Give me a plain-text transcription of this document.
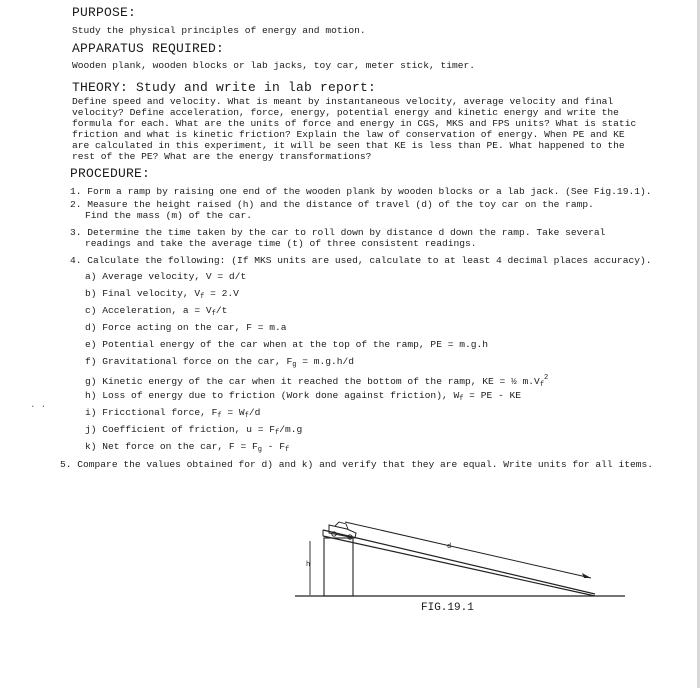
PURPOSE:
Study the physical principles of energy and motion.
APPARATUS REQUIRED:
Wooden plank, wooden blocks or lab jacks, toy car, meter stick, timer.
THEORY: Study and write in lab report:

Define speed and velocity. What is meant by instantaneous velocity, average velocity and final

velocity? Define acceleration, force, energy, potential energy and kinetic energy and write the

formula for each. What are the units of force and energy in CGS, MKS and FPS units? What is static

friction and what is kinetic friction? Explain the law of conservation of energy. When PE and KE

are calculated in this experiment, it will be seen that KE is less than PE. What happened to the

rest of the PE? What are the energy transformations?

PROCEDURE:
1. Form a ramp by raising one end of the wooden plank by wooden blocks or a lab jack. (See Fig.19.1).
2. Measure the height raised (h) and the distance of travel (d) of the toy car on the ramp.
Find the mass (m) of the car.
3. Determine the time taken by the car to roll down by distance d down the ramp. Take several
readings and take the average time (t) of three consistent readings.
4. Calculate the following: (If MKS units are used, calculate to at least 4 decimal places accuracy).
a) Average velocity, V = d/t
b) Final velocity, $V_f = 2.V$
c) Acceleration, $a = V_f/t$
d) Force acting on the car, F = m.a
e) Potential energy of the car when at the top of the ramp, PE = m.g.h
f) Gravitational force on the car, $F_g = m.g.h/d$
g) Kinetic energy of the car when it reached the bottom of the ramp, KE = ½ $m.V_f^2$
h) Loss of energy due to friction (Work done against friction), $W_f$ = PE - KE
i) Fricctional force, $F_f = W_f/d$
j) Coefficient of friction, $u = F_f/m.g$
k) Net force on the car, $F = F_g - F_f$
5. Compare the values obtained for d) and k) and verify that they are equal. Write units for all items.
d
h
FIG.19.1
· ·
